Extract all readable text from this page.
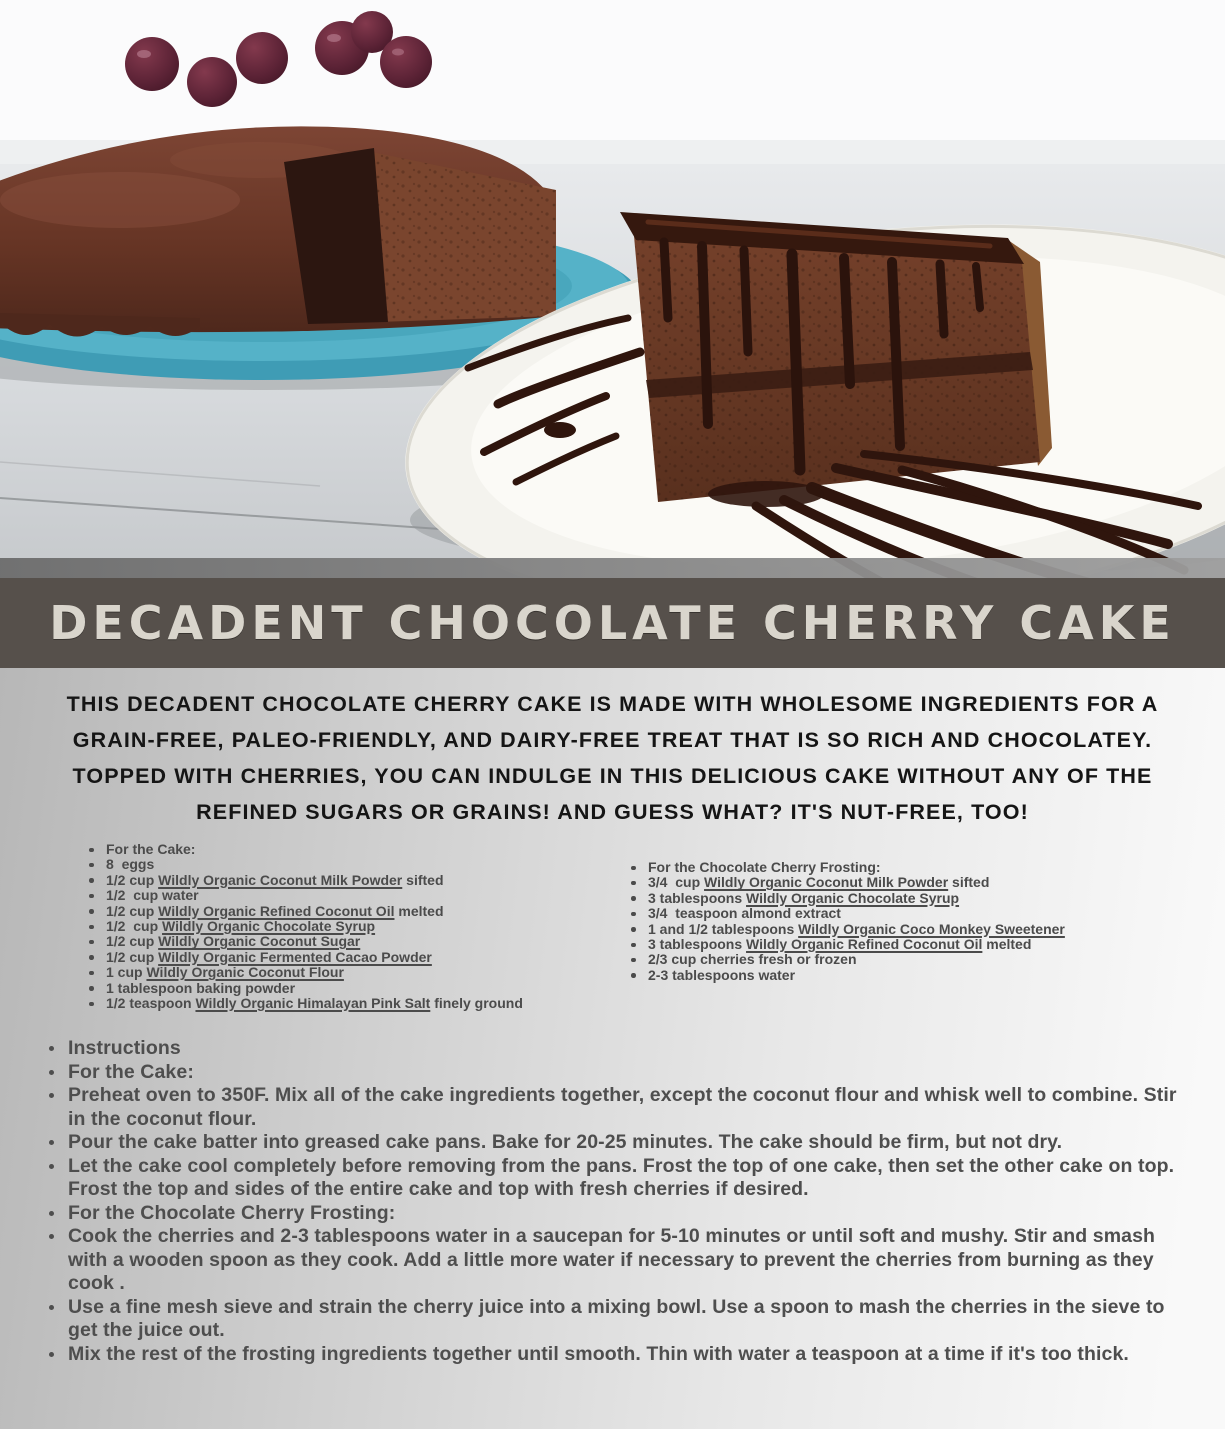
DECADENT CHOCOLATE CHERRY CAKE

THIS DECADENT CHOCOLATE CHERRY CAKE IS MADE WITH WHOLESOME INGREDIENTS FOR A GRAIN-FREE, PALEO-FRIENDLY, AND DAIRY-FREE TREAT THAT IS SO RICH AND CHOCOLATEY. TOPPED WITH CHERRIES, YOU CAN INDULGE IN THIS DELICIOUS CAKE WITHOUT ANY OF THE REFINED SUGARS OR GRAINS! AND GUESS WHAT? IT'S NUT-FREE, TOO!

For the Cake:
8  eggs
1/2 cup Wildly Organic Coconut Milk Powder sifted
1/2  cup water
1/2 cup Wildly Organic Refined Coconut Oil melted
1/2  cup Wildly Organic Chocolate Syrup
1/2 cup Wildly Organic Coconut Sugar
1/2 cup Wildly Organic Fermented Cacao Powder
1 cup Wildly Organic Coconut Flour
1 tablespoon baking powder
1/2 teaspoon Wildly Organic Himalayan Pink Salt finely ground
For the Chocolate Cherry Frosting:
3/4  cup Wildly Organic Coconut Milk Powder sifted
3 tablespoons Wildly Organic Chocolate Syrup
3/4  teaspoon almond extract
1 and 1/2 tablespoons Wildly Organic Coco Monkey Sweetener
3 tablespoons Wildly Organic Refined Coconut Oil melted
2/3 cup cherries fresh or frozen
2-3 tablespoons water
Instructions
For the Cake:
Preheat oven to 350F. Mix all of the cake ingredients together, except the coconut flour and whisk well to combine. Stir in the coconut flour.
Pour the cake batter into greased cake pans. Bake for 20-25 minutes. The cake should be firm, but not dry.
Let the cake cool completely before removing from the pans. Frost the top of one cake, then set the other cake on top. Frost the top and sides of the entire cake and top with fresh cherries if desired.
For the Chocolate Cherry Frosting:
Cook the cherries and 2-3 tablespoons water in a saucepan for 5-10 minutes or until soft and mushy. Stir and smash with a wooden spoon as they cook. Add a little more water if necessary to prevent the cherries from burning as they cook .
Use a fine mesh sieve and strain the cherry juice into a mixing bowl. Use a spoon to mash the cherries in the sieve to get the juice out.
Mix the rest of the frosting ingredients together until smooth. Thin with water a teaspoon at a time if it's too thick.
